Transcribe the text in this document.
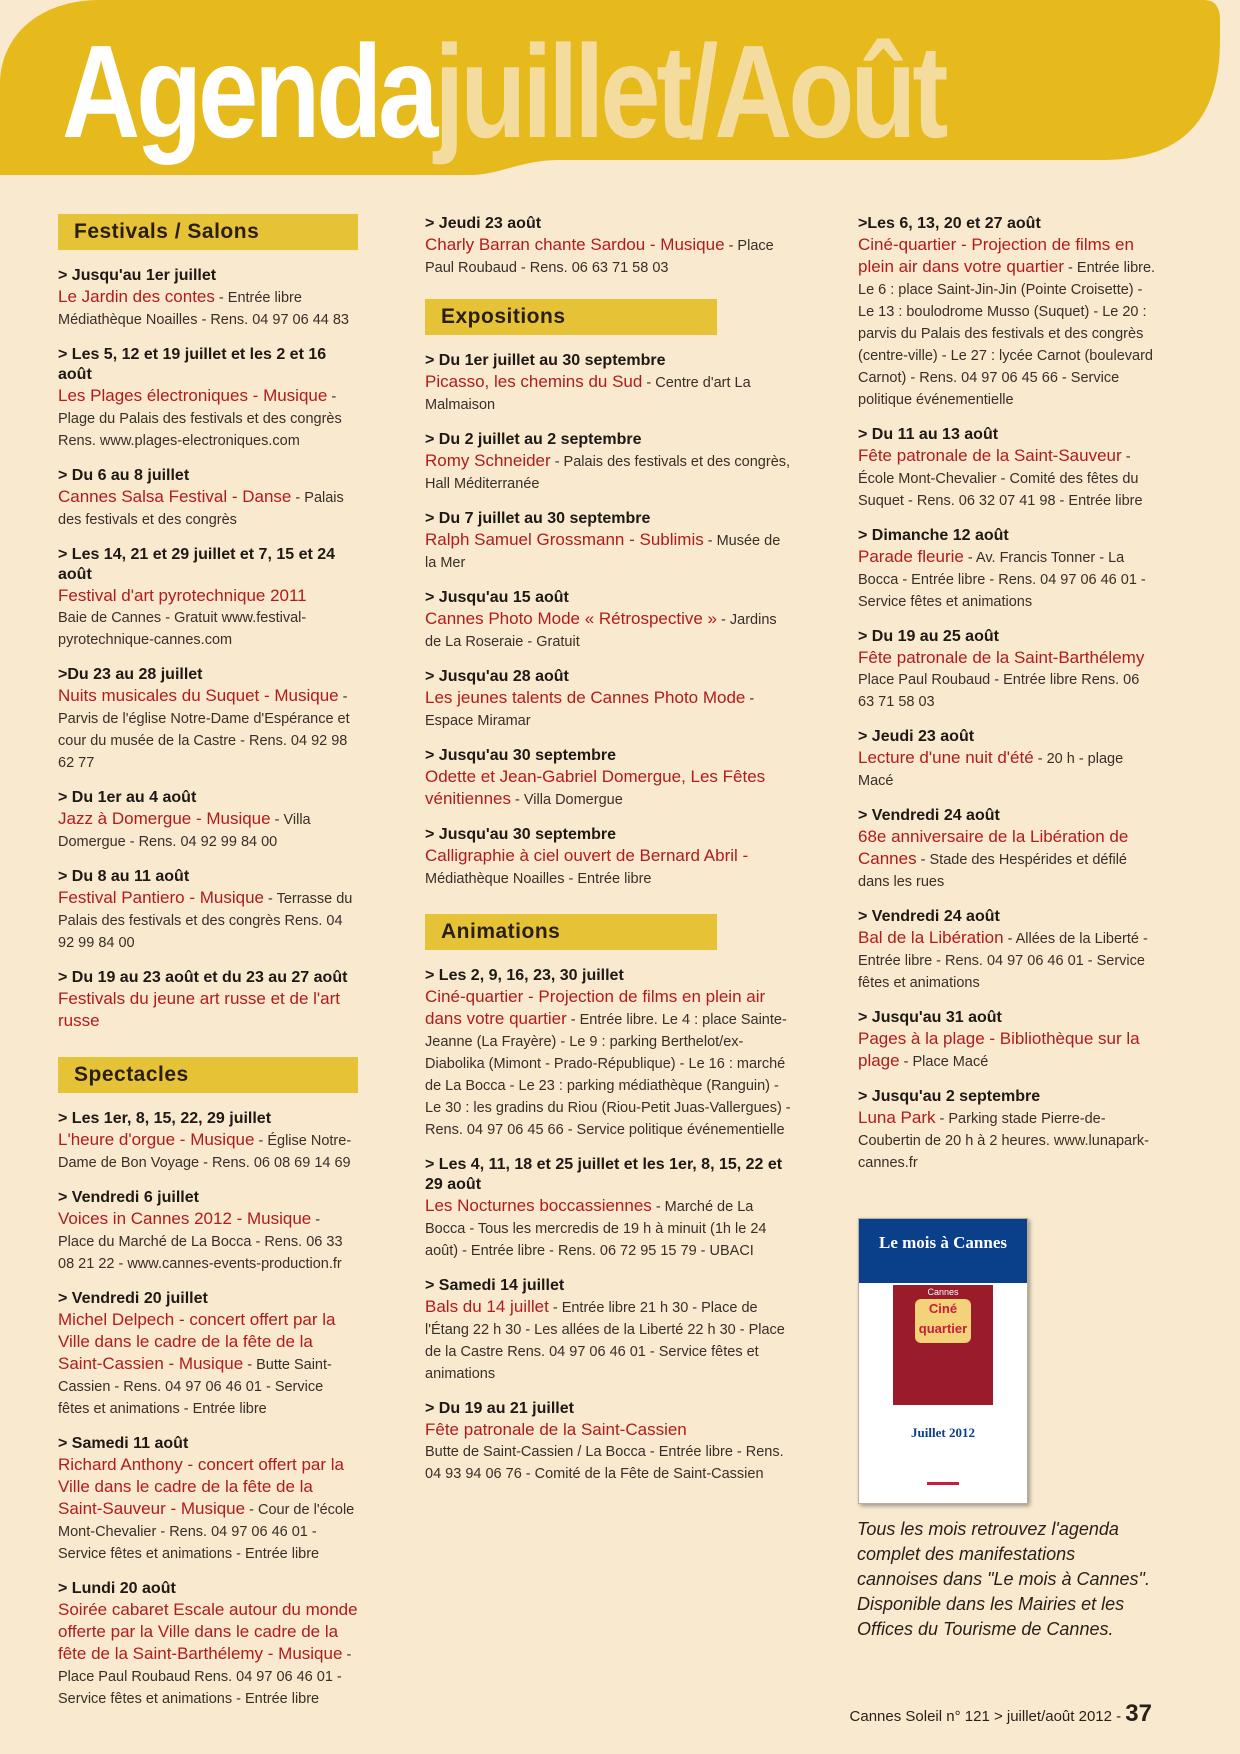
Agendajuillet/Août
Festivals / Salons
> Jusqu'au 1er juillet
Le Jardin des contes - Entrée libre Médiathèque Noailles - Rens. 04 97 06 44 83
> Les 5, 12 et 19 juillet et les 2 et 16 août
Les Plages électroniques - Musique - Plage du Palais des festivals et des congrès Rens. www.plages-electroniques.com
> Du 6 au 8 juillet
Cannes Salsa Festival - Danse - Palais des festivals et des congrès
> Les 14, 21 et 29 juillet et 7, 15 et 24 août
Festival d'art pyrotechnique 2011
Baie de Cannes - Gratuit www.festival-pyrotechnique-cannes.com
>Du 23 au 28 juillet
Nuits musicales du Suquet - Musique - Parvis de l'église Notre-Dame d'Espérance et cour du musée de la Castre - Rens. 04 92 98 62 77
> Du 1er au 4 août
Jazz à Domergue - Musique - Villa Domergue - Rens. 04 92 99 84 00
> Du 8 au 11 août
Festival Pantiero - Musique - Terrasse du Palais des festivals et des congrès Rens. 04 92 99 84 00
> Du 19 au 23 août et du 23 au 27 août
Festivals du jeune art russe et de l'art russe
Spectacles
> Les 1er, 8, 15, 22, 29 juillet
L'heure d'orgue - Musique - Église Notre-Dame de Bon Voyage - Rens. 06 08 69 14 69
> Vendredi 6 juillet
Voices in Cannes 2012 - Musique - Place du Marché de La Bocca - Rens. 06 33 08 21 22 - www.cannes-events-production.fr
> Vendredi 20 juillet
Michel Delpech - concert offert par la Ville dans le cadre de la fête de la Saint-Cassien - Musique - Butte Saint-Cassien - Rens. 04 97 06 46 01 - Service fêtes et animations - Entrée libre
> Samedi 11 août
Richard Anthony - concert offert par la Ville dans le cadre de la fête de la Saint-Sauveur - Musique - Cour de l'école Mont-Chevalier - Rens. 04 97 06 46 01 - Service fêtes et animations - Entrée libre
> Lundi 20 août
Soirée cabaret Escale autour du monde offerte par la Ville dans le cadre de la fête de la Saint-Barthélemy - Musique - Place Paul Roubaud Rens. 04 97 06 46 01 - Service fêtes et animations - Entrée libre
> Jeudi 23 août
Charly Barran chante Sardou - Musique - Place Paul Roubaud - Rens. 06 63 71 58 03
Expositions
> Du 1er juillet au 30 septembre
Picasso, les chemins du Sud - Centre d'art La Malmaison
> Du 2 juillet au 2 septembre
Romy Schneider - Palais des festivals et des congrès, Hall Méditerranée
> Du 7 juillet au 30 septembre
Ralph Samuel Grossmann - Sublimis - Musée de la Mer
> Jusqu'au 15 août
Cannes Photo Mode « Rétrospective » - Jardins de La Roseraie - Gratuit
> Jusqu'au 28 août
Les jeunes talents de Cannes Photo Mode - Espace Miramar
> Jusqu'au 30 septembre
Odette et Jean-Gabriel Domergue, Les Fêtes vénitiennes - Villa Domergue
> Jusqu'au 30 septembre
Calligraphie à ciel ouvert de Bernard Abril - Médiathèque Noailles - Entrée libre
Animations
> Les 2, 9, 16, 23, 30 juillet
Ciné-quartier - Projection de films en plein air dans votre quartier - Entrée libre. Le 4 : place Sainte-Jeanne (La Frayère) - Le 9 : parking Berthelot/ex-Diabolika (Mimont - Prado-République) - Le 16 : marché de La Bocca - Le 23 : parking médiathèque (Ranguin) - Le 30 : les gradins du Riou (Riou-Petit Juas-Vallergues) - Rens. 04 97 06 45 66 - Service politique événementielle
> Les 4, 11, 18 et 25 juillet et les 1er, 8, 15, 22 et 29 août
Les Nocturnes boccassiennes - Marché de La Bocca - Tous les mercredis de 19 h à minuit (1h le 24 août) - Entrée libre - Rens. 06 72 95 15 79 - UBACI
> Samedi 14 juillet
Bals du 14 juillet - Entrée libre 21 h 30 - Place de l'Étang 22 h 30 - Les allées de la Liberté 22 h 30 - Place de la Castre Rens. 04 97 06 46 01 - Service fêtes et animations
> Du 19 au 21 juillet
Fête patronale de la Saint-Cassien
Butte de Saint-Cassien / La Bocca - Entrée libre - Rens. 04 93 94 06 76 - Comité de la Fête de Saint-Cassien
>Les 6, 13, 20 et 27 août
Ciné-quartier - Projection de films en plein air dans votre quartier - Entrée libre. Le 6 : place Saint-Jin-Jin (Pointe Croisette) - Le 13 : boulodrome Musso (Suquet) - Le 20 : parvis du Palais des festivals et des congrès (centre-ville) - Le 27 : lycée Carnot (boulevard Carnot) - Rens. 04 97 06 45 66 - Service politique événementielle
> Du 11 au 13 août
Fête patronale de la Saint-Sauveur - École Mont-Chevalier - Comité des fêtes du Suquet - Rens. 06 32 07 41 98 - Entrée libre
> Dimanche 12 août
Parade fleurie - Av. Francis Tonner - La Bocca - Entrée libre - Rens. 04 97 06 46 01 - Service fêtes et animations
> Du 19 au 25 août
Fête patronale de la Saint-Barthélemy
Place Paul Roubaud - Entrée libre Rens. 06 63 71 58 03
> Jeudi 23 août
Lecture d'une nuit d'été - 20 h - plage Macé
> Vendredi 24 août
68e anniversaire de la Libération de Cannes - Stade des Hespérides et défilé dans les rues
> Vendredi 24 août
Bal de la Libération - Allées de la Liberté - Entrée libre - Rens. 04 97 06 46 01 - Service fêtes et animations
> Jusqu'au 31 août
Pages à la plage - Bibliothèque sur la plage - Place Macé
> Jusqu'au 2 septembre
Luna Park - Parking stade Pierre-de-Coubertin de 20 h à 2 heures. www.lunapark-cannes.fr
Le mois à Cannes
Cannes
Ciné quartier
Juillet 2012
Tous les mois retrouvez l'agenda complet des manifestations cannoises dans "Le mois à Cannes". Disponible dans les Mairies et les Offices du Tourisme de Cannes.
Cannes Soleil n° 121 > juillet/août 2012 - 37
